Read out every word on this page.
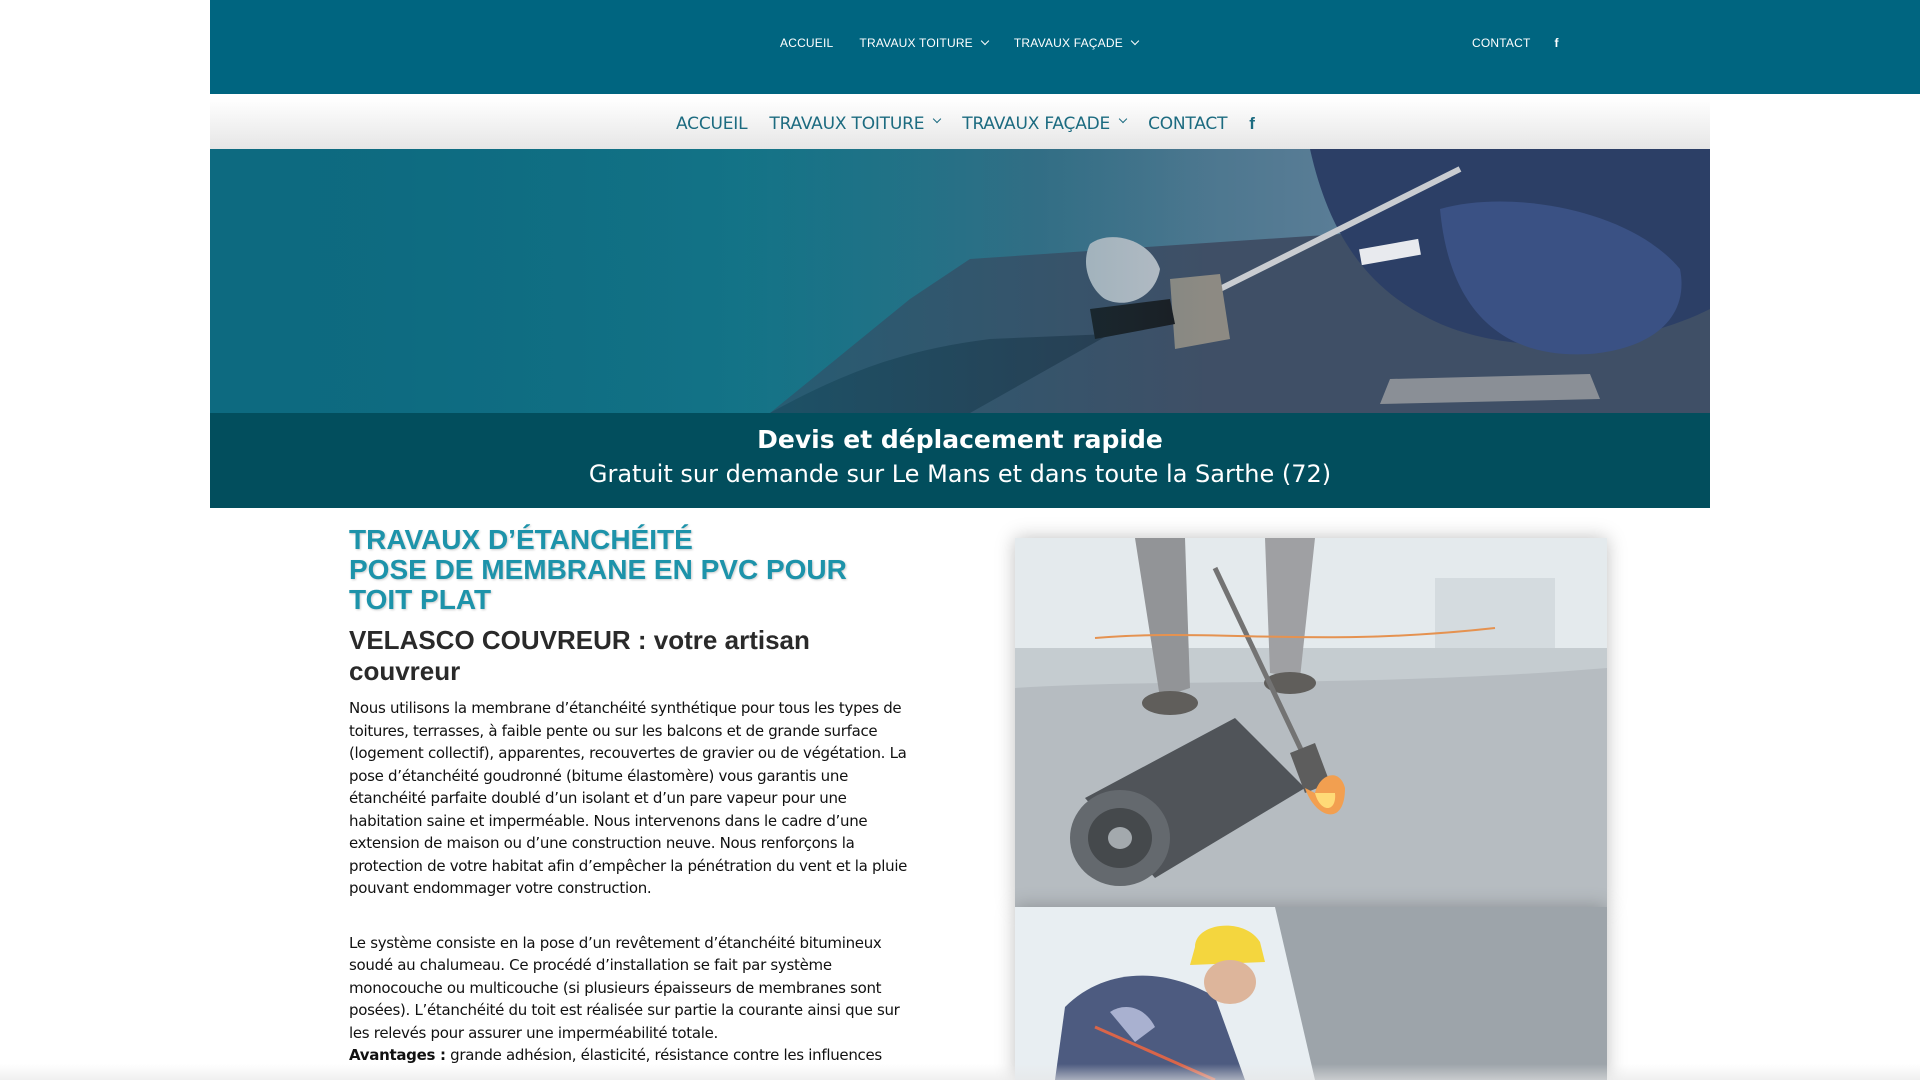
ACCUEIL TRAVAUX TOITURE	TRAVAUX FAÇADE	CONTACT f
ACCUEIL TRAVAUX TOITURE TRAVAUX FAÇADE CONTACT f
Devis et déplacement rapide
Gratuit sur demande sur Le Mans et dans toute la Sarthe (72)
TRAVAUX D’ÉTANCHÉITÉ
POSE DE MEMBRANE EN PVC POUR
TOIT PLAT
VELASCO COUVREUR : votre artisan couvreur

Nous utilisons la membrane d’étanchéité synthétique pour tous les types de toitures, terrasses, à faible pente ou sur les balcons et de grande surface (logement collectif), apparentes, recouvertes de gravier ou de végétation. La pose d’étanchéité goudronné (bitume élastomère) vous garantis une étanchéité parfaite doublé d’un isolant et d’un pare vapeur pour une habitation saine et imperméable. Nous intervenons dans le cadre d’une extension de maison ou d’une construction neuve. Nous renforçons la protection de votre habitat afin d’empêcher la pénétration du vent et la pluie pouvant endommager votre construction.

Le système consiste en la pose d’un revêtement d’étanchéité bitumineux soudé au chalumeau. Ce procédé d’installation se fait par système monocouche ou multicouche (si plusieurs épaisseurs de membranes sont posées). L’étanchéité du toit est réalisée sur partie la courante ainsi que sur les relevés pour assurer une imperméabilité totale.

Avantages : grande adhésion, élasticité, résistance contre les influences
